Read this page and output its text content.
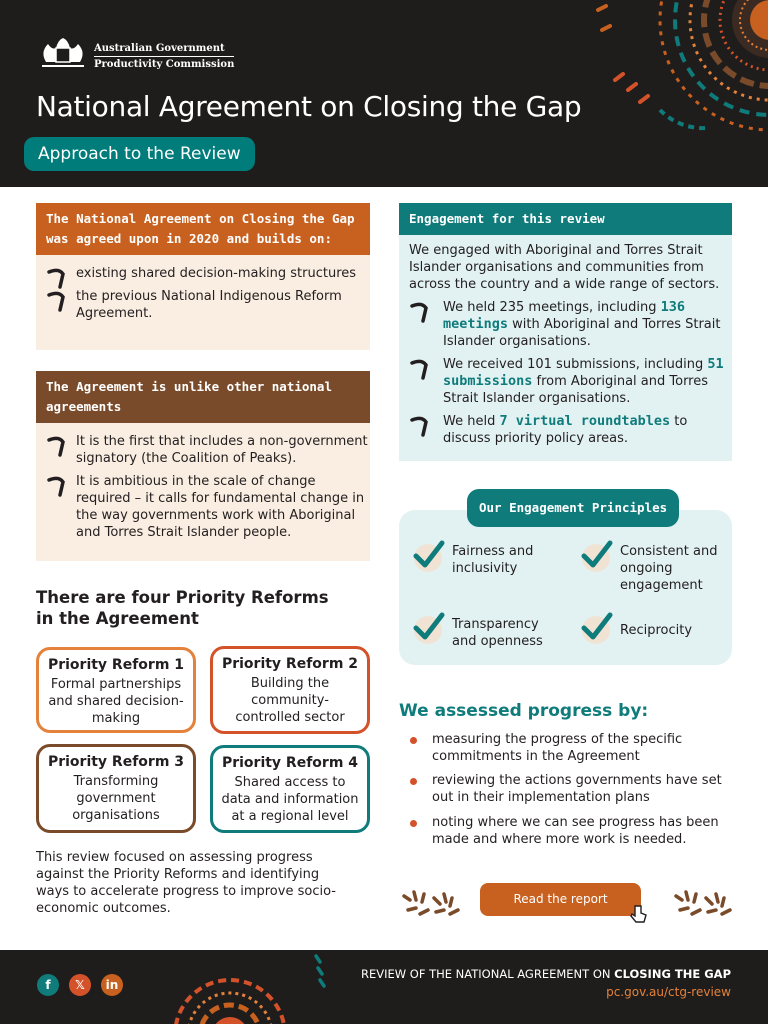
Australian Government
Productivity Commission
National Agreement on Closing the Gap
Approach to the Review
The National Agreement on Closing the Gap was agreed upon in 2020 and builds on:
existing shared decision-making structures
the previous National Indigenous Reform Agreement.
The Agreement is unlike other national agreements
It is the first that includes a non-government signatory (the Coalition of Peaks).
It is ambitious in the scale of change required – it calls for fundamental change in the way governments work with Aboriginal and Torres Strait Islander people.
Engagement for this review
We engaged with Aboriginal and Torres Strait Islander organisations and communities from across the country and a wide range of sectors.
We held 235 meetings, including 136 meetings with Aboriginal and Torres Strait Islander organisations.
We received 101 submissions, including 51 submissions from Aboriginal and Torres Strait Islander organisations.
We held 7 virtual roundtables to discuss priority policy areas.
Our Engagement Principles
Fairness and inclusivity
Consistent and ongoing engagement
Transparency and openness
Reciprocity
There are four Priority Reforms in the Agreement
Priority Reform 1
Formal partnerships and shared decision-making
Priority Reform 2
Building the community-controlled sector
Priority Reform 3
Transforming government organisations
Priority Reform 4
Shared access to data and information at a regional level
This review focused on assessing progress against the Priority Reforms and identifying ways to accelerate progress to improve socio-economic outcomes.
We assessed progress by:
measuring the progress of the specific commitments in the Agreement
reviewing the actions governments have set out in their implementation plans
noting where we can see progress has been made and where more work is needed.
Read the report
f	𝕏	in
REVIEW OF THE NATIONAL AGREEMENT ON CLOSING THE GAP
pc.gov.au/ctg-review
